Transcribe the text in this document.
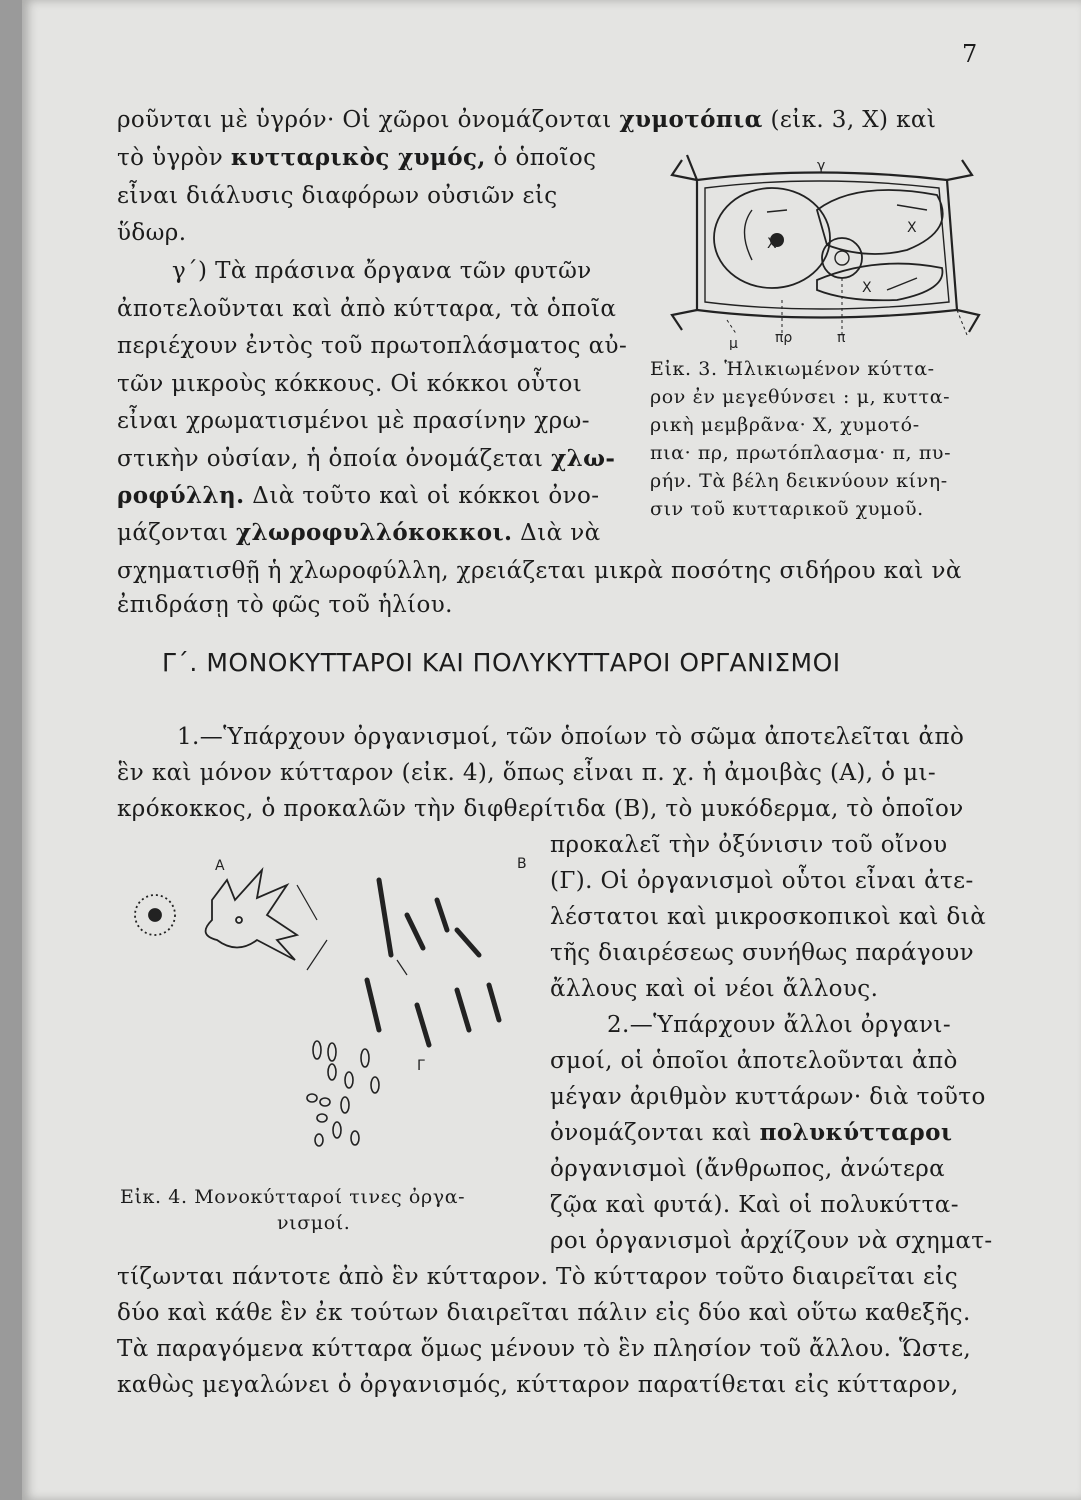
7
ροῦνται μὲ ὑγρόν· Οἱ χῶροι ὀνομάζονται χυμοτόπια (εἰκ. 3, Χ) καὶ
τὸ ὑγρὸν κυτταρικὸς χυμός, ὁ ὁποῖος
εἶναι διάλυσις διαφόρων οὐσιῶν εἰς
ὕδωρ.
γ΄) Τὰ πράσινα ὄργανα τῶν φυτῶν
ἀποτελοῦνται καὶ ἀπὸ κύτταρα, τὰ ὁποῖα
περιέχουν ἐντὸς τοῦ πρωτοπλάσματος αὐ-
τῶν μικροὺς κόκκους. Οἱ κόκκοι οὗτοι
εἶναι χρωματισμένοι μὲ πρασίνην χρω-
στικὴν οὐσίαν, ἡ ὁποία ὀνομάζεται χλω-
ροφύλλη. Διὰ τοῦτο καὶ οἱ κόκκοι ὀνο-
μάζονται χλωροφυλλόκοκκοι. Διὰ νὰ
σχηματισθῇ ἡ χλωροφύλλη, χρειάζεται μικρὰ ποσότης σιδήρου καὶ νὰ
ἐπιδράσῃ τὸ φῶς τοῦ ἡλίου.
γ
Χ
Χ
Χ
μ	πρ	π
Εἰκ. 3. Ἡλικιωμένον κύττα-
ρον ἐν μεγεθύνσει : μ, κυττα-
ρικὴ μεμβρᾶνα· Χ, χυμοτό-
πια· πρ, πρωτόπλασμα· π, πυ-
ρήν. Τὰ βέλη δεικνύουν κίνη-
σιν τοῦ κυτταρικοῦ χυμοῦ.
Γ΄. ΜΟΝΟΚΥΤΤΑΡΟΙ ΚΑΙ ΠΟΛΥΚΥΤΤΑΡΟΙ ΟΡΓΑΝΙΣΜΟΙ
1.—Ὑπάρχουν ὀργανισμοί, τῶν ὁποίων τὸ σῶμα ἀποτελεῖται ἀπὸ
ἓν καὶ μόνον κύτταρον (εἰκ. 4), ὅπως εἶναι π. χ. ἡ ἀμοιβὰς (Α), ὁ μι-
κρόκοκκος, ὁ προκαλῶν τὴν διφθερίτιδα (Β), τὸ μυκόδερμα, τὸ ὁποῖον
προκαλεῖ τὴν ὀξύνισιν τοῦ οἴνου
(Γ). Οἱ ὀργανισμοὶ οὗτοι εἶναι ἀτε-
λέστατοι καὶ μικροσκοπικοὶ καὶ διὰ
τῆς διαιρέσεως συνήθως παράγουν
ἄλλους καὶ οἱ νέοι ἄλλους.
2.—Ὑπάρχουν ἄλλοι ὀργανι-
σμοί, οἱ ὁποῖοι ἀποτελοῦνται ἀπὸ
μέγαν ἀριθμὸν κυττάρων· διὰ τοῦτο
ὀνομάζονται καὶ πολυκύτταροι
ὀργανισμοὶ (ἄνθρωπος, ἀνώτερα
ζῷα καὶ φυτά). Καὶ οἱ πολυκύττα-
ροι ὀργανισμοὶ ἀρχίζουν νὰ σχηματ-
τίζωνται πάντοτε ἀπὸ ἓν κύτταρον. Τὸ κύτταρον τοῦτο διαιρεῖται εἰς
δύο καὶ κάθε ἓν ἐκ τούτων διαιρεῖται πάλιν εἰς δύο καὶ οὕτω καθεξῆς.
Τὰ παραγόμενα κύτταρα ὅμως μένουν τὸ ἓν πλησίον τοῦ ἄλλου. Ὥστε,
καθὼς μεγαλώνει ὁ ὀργανισμός, κύτταρον παρατίθεται εἰς κύτταρον,
Α	Β
Γ
Εἰκ. 4. Μονοκύτταροί τινες ὀργα-
νισμοί.
